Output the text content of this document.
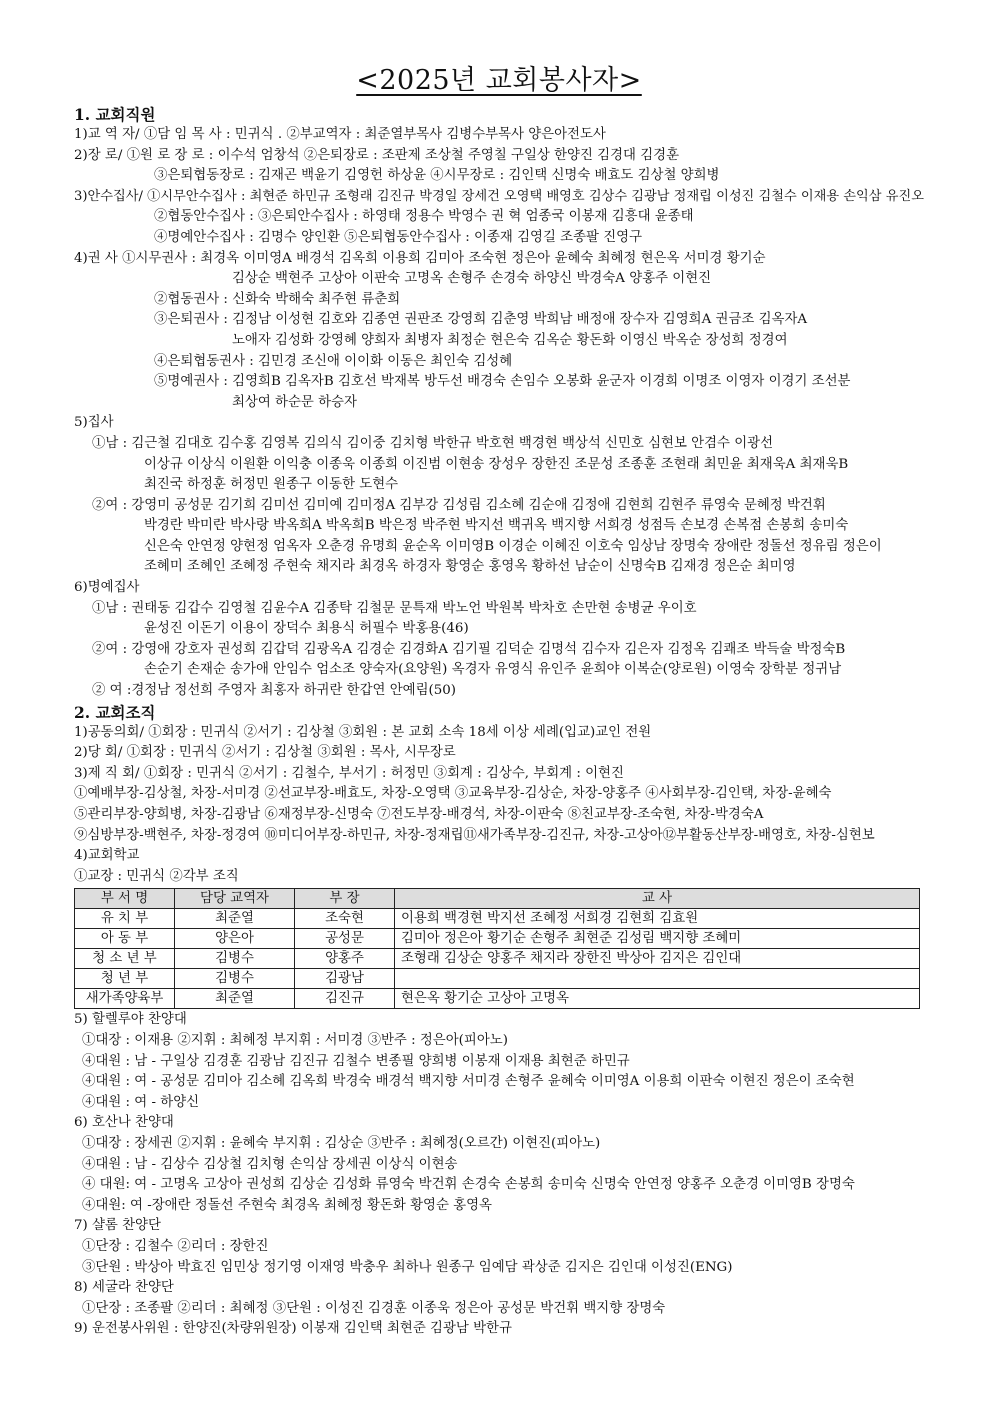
<2025년 교회봉사자>
1. 교회직원
1)교 역 자/ ①담 임 목 사 : 민귀식 . ②부교역자 : 최준열부목사 김병수부목사 양은아전도사
2)장 로/ ①원 로 장 로 : 이수석 엄창석 ②은퇴장로 : 조판제 조상철 주영칠 구일상 한양진 김경대 김경훈
③은퇴협동장로 : 김재곤 백윤기 김영헌 하상윤 ④시무장로 : 김인택 신명숙 배효도 김상철 양희병
3)안수집사/ ①시무안수집사 : 최현준 하민규 조형래 김진규 박경일 장세건 오영택 배영호 김상수 김광남 정재립 이성진 김철수 이재용 손익삼 유진오
②협동안수집사 : ③은퇴안수집사 : 하영태 정용수 박영수 권 혁 엄종국 이봉재 김흥대 윤종태
④명예안수집사 : 김명수 양인환 ⑤은퇴협동안수집사 : 이종재 김영길 조종팔 진영구
4)권 사 ①시무권사 : 최경옥 이미영A 배경석 김옥희 이용희 김미아 조숙현 정은아 윤혜숙 최혜정 현은옥 서미경 황기순
김상순 백현주 고상아 이판숙 고명옥 손형주 손경숙 하양신 박경숙A 양홍주 이현진
②협동권사 : 신화숙 박해숙 최주현 류춘희
③은퇴권사 : 김정남 이성현 김호와 김종연 권판조 강영희 김춘영 박희남 배정애 장수자 김영희A 권금조 김옥자A
노애자 김성화 강영혜 양희자 최병자 최정순 현은숙 김옥순 황돈화 이영신 박옥순 장성희 정경여
④은퇴협동권사 : 김민경 조신애 이이화 이동은 최인숙 김성혜
⑤명예권사 : 김영희B 김옥자B 김호선 박재복 방두선 배경숙 손임수 오봉화 윤군자 이경희 이명조 이영자 이경기 조선분
최상여 하순문 하승자
5)집사
①남 : 김근철 김대호 김수홍 김영복 김의식 김이중 김치형 박한규 박호현 백경현 백상석 신민호 심현보 안겸수 이광선
이상규 이상식 이원환 이익충 이종욱 이종희 이진범 이현송 장성우 장한진 조문성 조종훈 조현래 최민윤 최재욱A 최재욱B
최진국 하정훈 허정민 원종구 이동한 도현수
②여 : 강영미 공성문 김기희 김미선 김미예 김미정A 김부강 김성림 김소혜 김순애 김정애 김현희 김현주 류영숙 문혜정 박건휘
박경란 박미란 박사랑 박옥희A 박옥희B 박은정 박주현 박지선 백귀옥 백지향 서희경 성점득 손보경 손복점 손봉희 송미숙
신은숙 안연정 양현정 엄옥자 오춘경 유명희 윤순옥 이미영B 이경순 이혜진 이호숙 임상남 장명숙 장애란 정돌선 정유림 정은이
조혜미 조혜인 조혜정 주현숙 채지라 최경옥 하경자 황영순 홍영옥 황하선 남순이 신명숙B 김재경 정은순 최미영
6)명예집사
①남 : 권태동 김갑수 김영철 김윤수A 김종탁 김철문 문특재 박노언 박원복 박차호 손만현 송병균 우이호
윤성진 이돈기 이용이 장덕수 최용식 허필수 박홍용(46)
②여 : 강영애 강호자 권성희 김갑덕 김광옥A 김경순 김경화A 김기필 김덕순 김명석 김수자 김은자 김정옥 김쾌조 박득술 박정숙B
손순기 손재순 송가애 안임수 엄소조 양숙자(요양원) 옥경자 유영식 유인주 윤희야 이복순(양로원) 이영숙 장학분 정귀남
② 여 :경정남 정선희 주영자 최홍자 하귀란 한갑연 안예림(50)
2. 교회조직
1)공동의회/ ①회장 : 민귀식 ②서기 : 김상철 ③회원 : 본 교회 소속 18세 이상 세례(입교)교인 전원
2)당 회/ ①회장 : 민귀식 ②서기 : 김상철 ③회원 : 목사, 시무장로
3)제 직 회/ ①회장 : 민귀식 ②서기 : 김철수, 부서기 : 허정민 ③회계 : 김상수, 부회계 : 이현진
①예배부장-김상철, 차장-서미경 ②선교부장-배효도, 차장-오영택 ③교육부장-김상순, 차장-양홍주 ④사회부장-김인택, 차장-윤혜숙
⑤관리부장-양희병, 차장-김광남 ⑥재정부장-신명숙 ⑦전도부장-배경석, 차장-이판숙 ⑧친교부장-조숙현, 차장-박경숙A
⑨심방부장-백현주, 차장-정경여 ⑩미디어부장-하민규, 차장-정재립⑪새가족부장-김진규, 차장-고상아⑫부활동산부장-배영호, 차장-심현보
4)교회학교
①교장 : 민귀식 ②각부 조직
부 서 명	담당 교역자	부 장	교 사
유 치 부	최준열	조숙현	이용희 백경현 박지선 조혜정 서희경 김현희 김효원
아 동 부	양은아	공성문	김미아 정은아 황기순 손형주 최현준 김성림 백지향 조혜미
청 소 년 부	김병수	양홍주	조형래 김상순 양홍주 채지라 장한진 박상아 김지은 김인대
청 년 부	김병수	김광남	
새가족양육부	최준열	김진규	현은옥 황기순 고상아 고명옥
5) 할렐루야 찬양대
①대장 : 이재용 ②지휘 : 최혜정 부지휘 : 서미경 ③반주 : 정은아(피아노)
④대원 : 남 - 구일상 김경훈 김광남 김진규 김철수 변종필 양희병 이봉재 이재용 최현준 하민규
④대원 : 여 - 공성문 김미아 김소혜 김옥희 박경숙 배경석 백지향 서미경 손형주 윤혜숙 이미영A 이용희 이판숙 이현진 정은이 조숙현
④대원 : 여 - 하양신
6) 호산나 찬양대
①대장 : 장세권 ②지휘 : 윤혜숙 부지휘 : 김상순 ③반주 : 최혜정(오르간) 이현진(피아노)
④대원 : 남 - 김상수 김상철 김치형 손익삼 장세권 이상식 이현송
④ 대원: 여 - 고명옥 고상아 권성희 김상순 김성화 류영숙 박건휘 손경숙 손봉희 송미숙 신명숙 안연정 양홍주 오춘경 이미영B 장명숙
④대원: 여 -장애란 정돌선 주현숙 최경옥 최혜정 황돈화 황영순 홍영옥
7) 샬롬 찬양단
①단장 : 김철수 ②리더 : 장한진
③단원 : 박상아 박효진 임민상 정기영 이재영 박충우 최하나 원종구 임예담 곽상준 김지은 김인대 이성진(ENG)
8) 세굴라 찬양단
①단장 : 조종팔 ②리더 : 최혜정 ③단원 : 이성진 김경훈 이종욱 정은아 공성문 박건휘 백지향 장명숙
9) 운전봉사위원 : 한양진(차량위원장) 이봉재 김인택 최현준 김광남 박한규
